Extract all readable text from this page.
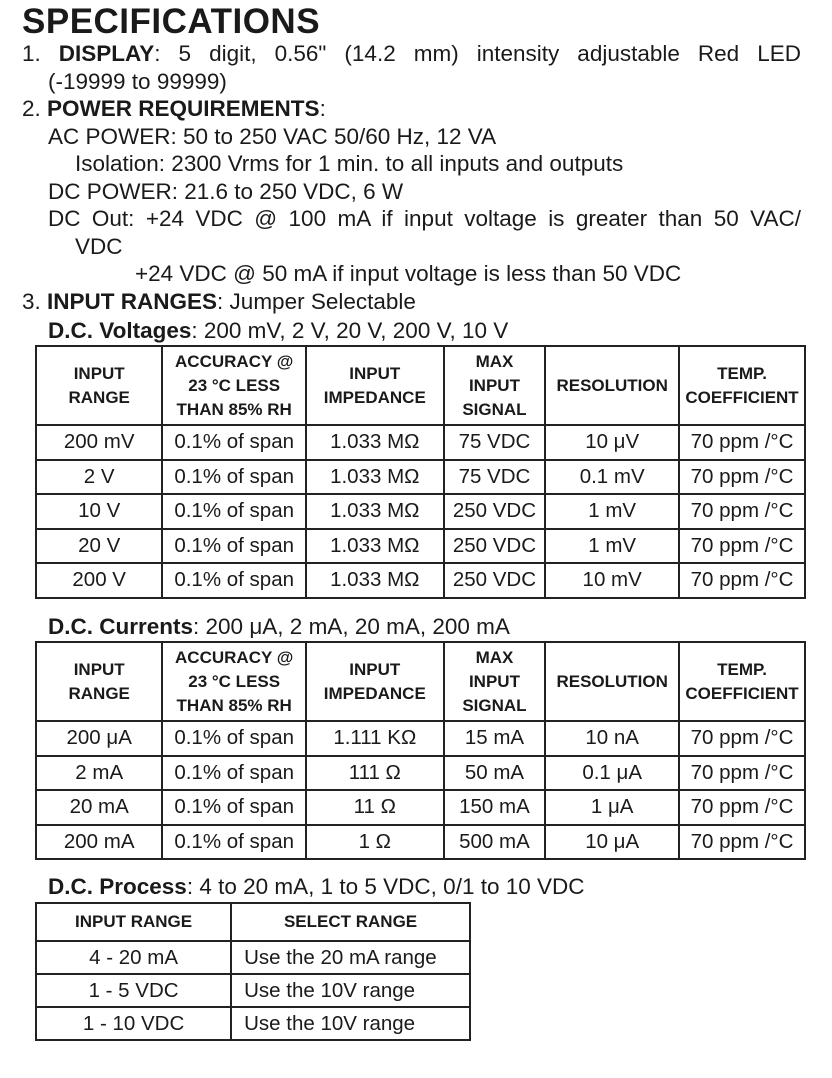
SPECIFICATIONS
1. DISPLAY: 5 digit, 0.56" (14.2 mm) intensity adjustable Red LED
(-19999 to 99999)
2. POWER REQUIREMENTS:
AC POWER: 50 to 250 VAC 50/60 Hz, 12 VA
Isolation: 2300 Vrms for 1 min. to all inputs and outputs
DC POWER: 21.6 to 250 VDC, 6 W
DC Out: +24 VDC @ 100 mA if input voltage is greater than 50 VAC/
VDC
+24 VDC @ 50 mA if input voltage is less than 50 VDC
3. INPUT RANGES: Jumper Selectable
D.C. Voltages: 200 mV, 2 V, 20 V, 200 V, 10 V
INPUT
RANGE	ACCURACY @
23 °C LESS
THAN 85% RH	INPUT
IMPEDANCE	MAX
INPUT
SIGNAL	RESOLUTION	TEMP.
COEFFICIENT
200 mV	0.1% of span	1.033 MΩ	75 VDC	10 μV	70 ppm /°C
2 V	0.1% of span	1.033 MΩ	75 VDC	0.1 mV	70 ppm /°C
10 V	0.1% of span	1.033 MΩ	250 VDC	1 mV	70 ppm /°C
20 V	0.1% of span	1.033 MΩ	250 VDC	1 mV	70 ppm /°C
200 V	0.1% of span	1.033 MΩ	250 VDC	10 mV	70 ppm /°C
D.C. Currents: 200 μA, 2 mA, 20 mA, 200 mA
INPUT
RANGE	ACCURACY @
23 °C LESS
THAN 85% RH	INPUT
IMPEDANCE	MAX
INPUT
SIGNAL	RESOLUTION	TEMP.
COEFFICIENT
200 μA	0.1% of span	1.111 KΩ	15 mA	10 nA	70 ppm /°C
2 mA	0.1% of span	111 Ω	50 mA	0.1 μA	70 ppm /°C
20 mA	0.1% of span	11 Ω	150 mA	1 μA	70 ppm /°C
200 mA	0.1% of span	1 Ω	500 mA	10 μA	70 ppm /°C
D.C. Process: 4 to 20 mA, 1 to 5 VDC, 0/1 to 10 VDC
INPUT RANGE	SELECT RANGE
4 - 20 mA	Use the 20 mA range
1 - 5 VDC	Use the 10V range
1 - 10 VDC	Use the 10V range
